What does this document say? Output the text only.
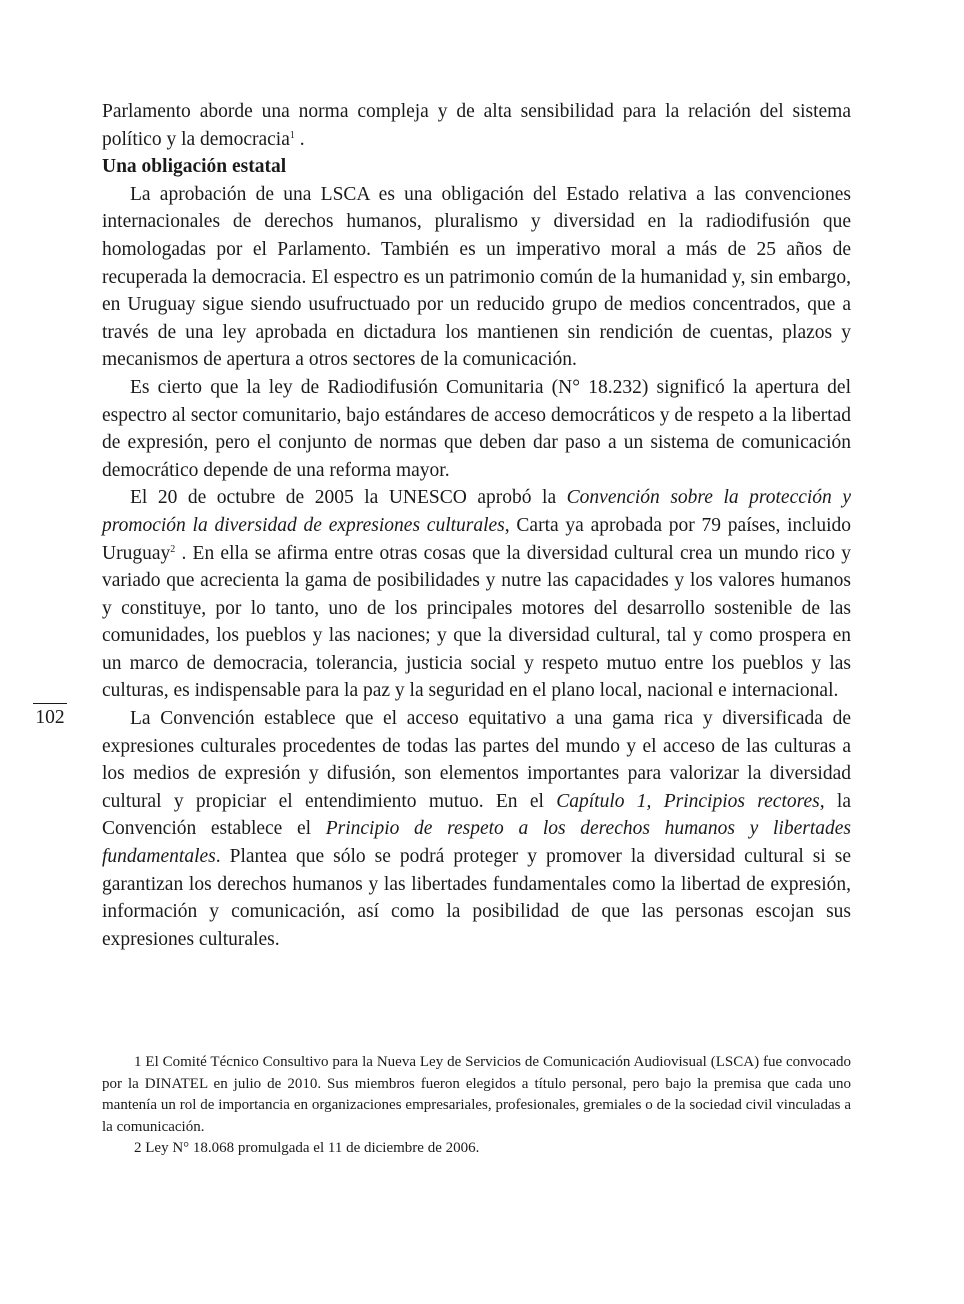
Parlamento aborde una norma compleja y de alta sensibilidad para la relación del sistema político y la democracia$^1$ .

Una obligación estatal

La aprobación de una LSCA es una obligación del Estado relativa a las convenciones internacionales de derechos humanos, pluralismo y diversidad en la radiodifusión que homologadas por el Parlamento. También es un imperativo moral a más de 25 años de recuperada la democracia. El espectro es un patrimonio común de la humanidad y, sin embargo, en Uruguay sigue siendo usufructuado por un reducido grupo de medios concentrados, que a través de una ley aprobada en dictadura los mantienen sin rendición de cuentas, plazos y mecanismos de apertura a otros sectores de la comunicación.

Es cierto que la ley de Radiodifusión Comunitaria (N° 18.232) significó la apertura del espectro al sector comunitario, bajo estándares de acceso democráticos y de respeto a la libertad de expresión, pero el conjunto de normas que deben dar paso a un sistema de comunicación democrático depende de una reforma mayor.

El 20 de octubre de 2005 la UNESCO aprobó la Convención sobre la protección y promoción la diversidad de expresiones culturales, Carta ya aprobada por 79 países, incluido Uruguay$^2$ . En ella se afirma entre otras cosas que la diversidad cultural crea un mundo rico y variado que acrecienta la gama de posibilidades y nutre las capacidades y los valores humanos y constituye, por lo tanto, uno de los principales motores del desarrollo sostenible de las comunidades, los pueblos y las naciones; y que la diversidad cultural, tal y como prospera en un marco de democracia, tolerancia, justicia social y respeto mutuo entre los pueblos y las culturas, es indispensable para la paz y la seguridad en el plano local, nacional e internacional.

La Convención establece que el acceso equitativo a una gama rica y diversificada de expresiones culturales procedentes de todas las partes del mundo y el acceso de las culturas a los medios de expresión y difusión, son elementos importantes para valorizar la diversidad cultural y propiciar el entendimiento mutuo. En el Capítulo 1, Principios rectores, la Convención establece el Principio de respeto a los derechos humanos y libertades fundamentales. Plantea que sólo se podrá proteger y promover la diversidad cultural si se garantizan los derechos humanos y las libertades fundamentales como la libertad de expresión, información y comunicación, así como la posibilidad de que las personas escojan sus expresiones culturales.

102

1 El Comité Técnico Consultivo para la Nueva Ley de Servicios de Comunicación Audiovisual (LSCA) fue convocado por la DINATEL en julio de 2010. Sus miembros fueron elegidos a título personal, pero bajo la premisa que cada uno mantenía un rol de importancia en organizaciones empresariales, profesionales, gremiales o de la sociedad civil vinculadas a la comunicación.

2 Ley N° 18.068 promulgada el 11 de diciembre de 2006.
